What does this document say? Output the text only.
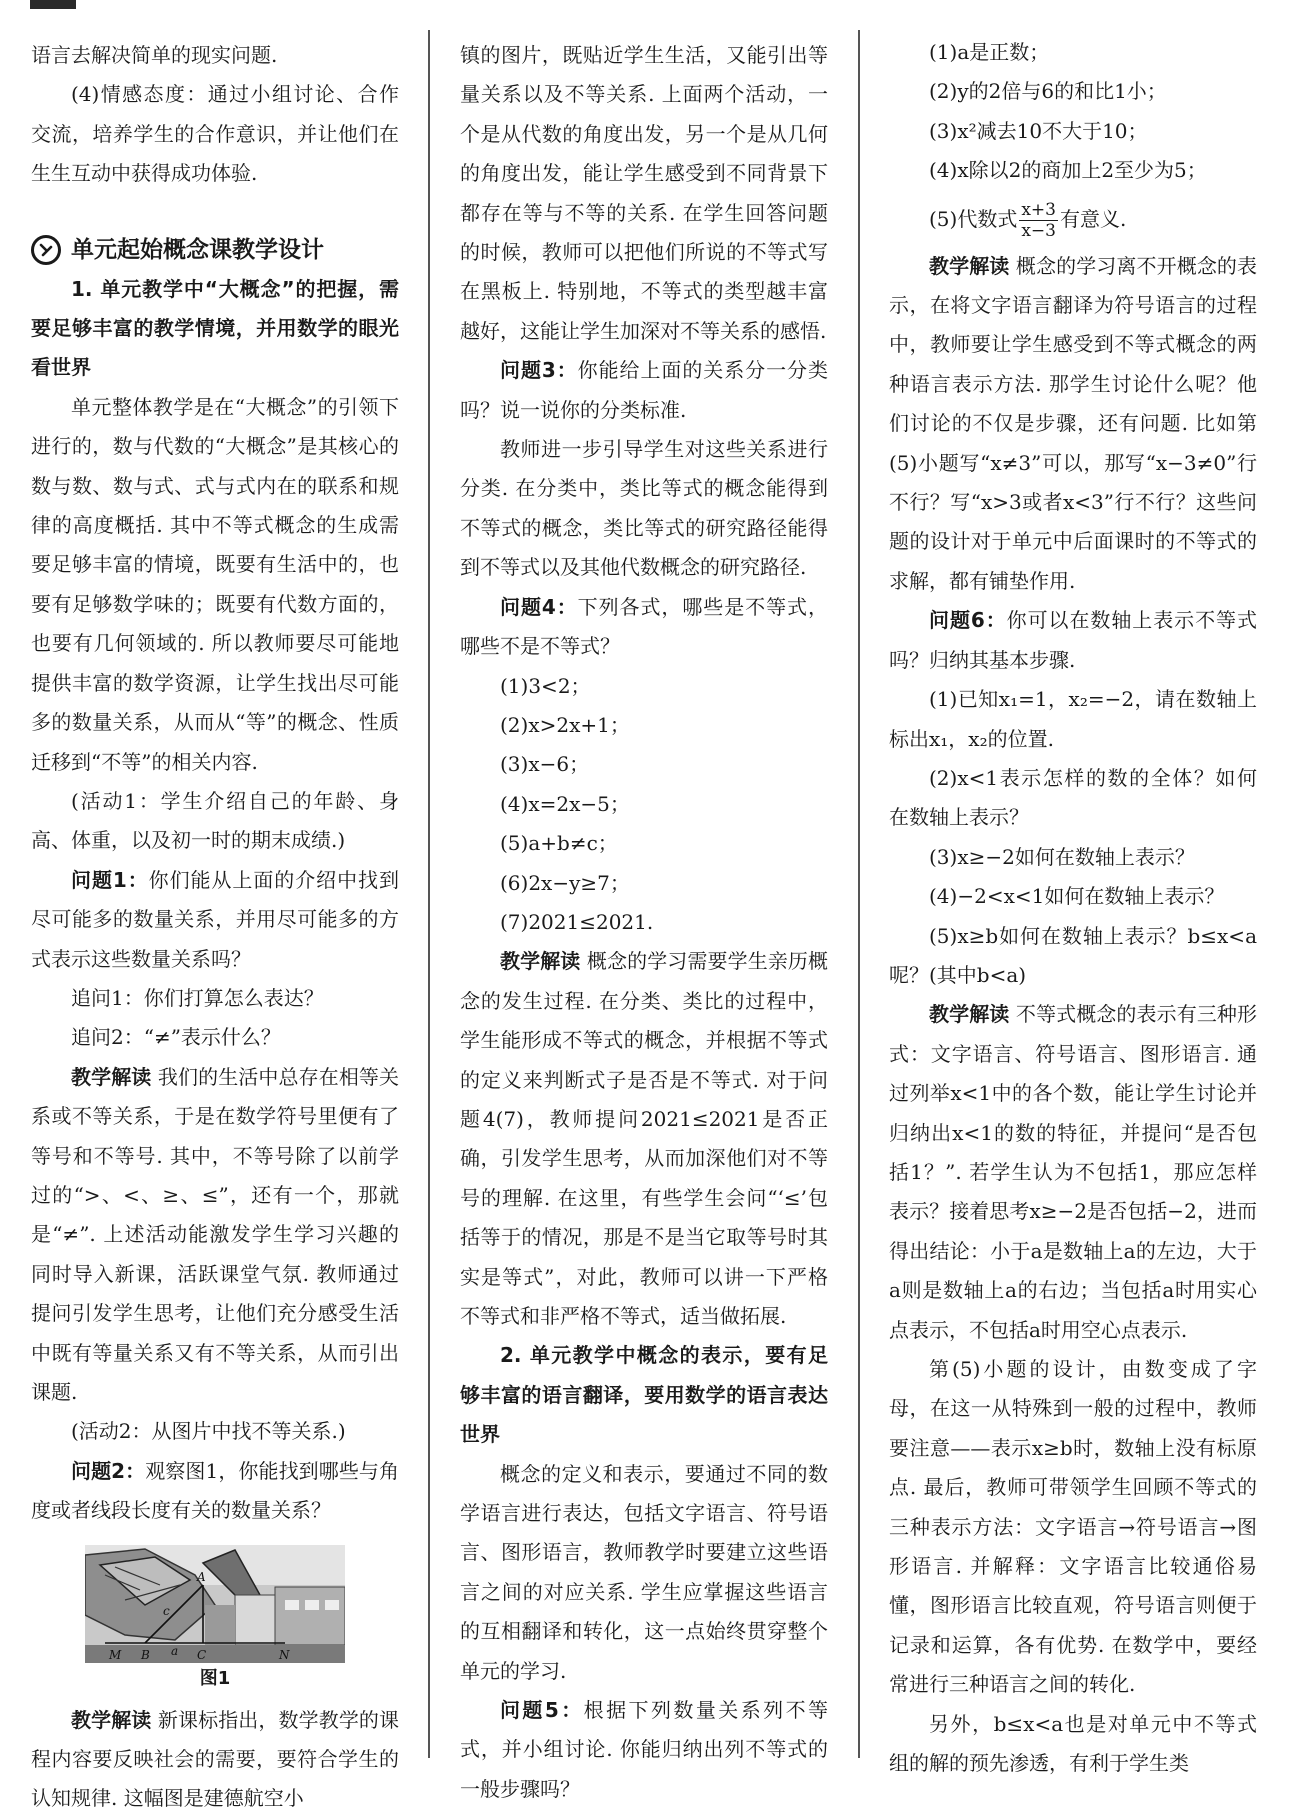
语言去解决简单的现实问题.

(4)情感态度：通过小组讨论、合作交流，培养学生的合作意识，并让他们在生生互动中获得成功体验.

单元起始概念课教学设计

1. 单元教学中“大概念”的把握，需要足够丰富的教学情境，并用数学的眼光看世界

单元整体教学是在“大概念”的引领下进行的，数与代数的“大概念”是其核心的数与数、数与式、式与式内在的联系和规律的高度概括. 其中不等式概念的生成需要足够丰富的情境，既要有生活中的，也要有足够数学味的；既要有代数方面的，也要有几何领域的. 所以教师要尽可能地提供丰富的数学资源，让学生找出尽可能多的数量关系，从而从“等”的概念、性质迁移到“不等”的相关内容.

(活动1：学生介绍自己的年龄、身高、体重，以及初一时的期末成绩.)

问题1：你们能从上面的介绍中找到尽可能多的数量关系，并用尽可能多的方式表示这些数量关系吗？

追问1：你们打算怎么表达？

追问2：“≠”表示什么？

教学解读 我们的生活中总存在相等关系或不等关系，于是在数学符号里便有了等号和不等号. 其中，不等号除了以前学过的“>、<、≥、≤”，还有一个，那就是“≠”. 上述活动能激发学生学习兴趣的同时导入新课，活跃课堂气氛. 教师通过提问引发学生思考，让他们充分感受生活中既有等量关系又有不等关系，从而引出课题.

(活动2：从图片中找不等关系.)

问题2：观察图1，你能找到哪些与角度或者线段长度有关的数量关系？

A
c
M B a C	N
图1

教学解读 新课标指出，数学教学的课程内容要反映社会的需要，要符合学生的认知规律. 这幅图是建德航空小

镇的图片，既贴近学生生活，又能引出等量关系以及不等关系. 上面两个活动，一个是从代数的角度出发，另一个是从几何的角度出发，能让学生感受到不同背景下都存在等与不等的关系. 在学生回答问题的时候，教师可以把他们所说的不等式写在黑板上. 特别地，不等式的类型越丰富越好，这能让学生加深对不等关系的感悟.

问题3：你能给上面的关系分一分类吗？说一说你的分类标准.

教师进一步引导学生对这些关系进行分类. 在分类中，类比等式的概念能得到不等式的概念，类比等式的研究路径能得到不等式以及其他代数概念的研究路径.

问题4：下列各式，哪些是不等式，哪些不是不等式？

(1)3<2；

(2)x>2x+1；

(3)x−6；

(4)x=2x−5；

(5)a+b≠c；

(6)2x−y≥7；

(7)2021≤2021.

教学解读 概念的学习需要学生亲历概念的发生过程. 在分类、类比的过程中，学生能形成不等式的概念，并根据不等式的定义来判断式子是否是不等式. 对于问题4(7)，教师提问2021≤2021是否正确，引发学生思考，从而加深他们对不等号的理解. 在这里，有些学生会问“‘≤’包括等于的情况，那是不是当它取等号时其实是等式”，对此，教师可以讲一下严格不等式和非严格不等式，适当做拓展.

2. 单元教学中概念的表示，要有足够丰富的语言翻译，要用数学的语言表达世界

概念的定义和表示，要通过不同的数学语言进行表达，包括文字语言、符号语言、图形语言，教师教学时要建立这些语言之间的对应关系. 学生应掌握这些语言的互相翻译和转化，这一点始终贯穿整个单元的学习.

问题5：根据下列数量关系列不等式，并小组讨论. 你能归纳出列不等式的一般步骤吗？

(1)a是正数；

(2)y的2倍与6的和比1小；

(3)x²减去10不大于10；

(4)x除以2的商加上2至少为5；

(5)代数式 $\frac{x+3}{x-3}$ 有意义.

教学解读 概念的学习离不开概念的表示，在将文字语言翻译为符号语言的过程中，教师要让学生感受到不等式概念的两种语言表示方法. 那学生讨论什么呢？他们讨论的不仅是步骤，还有问题. 比如第(5)小题写“x≠3”可以，那写“x−3≠0”行不行？写“x>3或者x<3”行不行？这些问题的设计对于单元中后面课时的不等式的求解，都有铺垫作用.

问题6：你可以在数轴上表示不等式吗？归纳其基本步骤.

(1)已知x₁=1，x₂=−2，请在数轴上标出x₁，x₂的位置.

(2)x<1表示怎样的数的全体？如何在数轴上表示？

(3)x≥−2如何在数轴上表示？

(4)−2<x<1如何在数轴上表示？

(5)x≥b如何在数轴上表示？b≤x<a呢？(其中b<a)

教学解读 不等式概念的表示有三种形式：文字语言、符号语言、图形语言. 通过列举x<1中的各个数，能让学生讨论并归纳出x<1的数的特征，并提问“是否包括1？”. 若学生认为不包括1，那应怎样表示？接着思考x≥−2是否包括−2，进而得出结论：小于a是数轴上a的左边，大于a则是数轴上a的右边；当包括a时用实心点表示，不包括a时用空心点表示.

第(5)小题的设计，由数变成了字母，在这一从特殊到一般的过程中，教师要注意——表示x≥b时，数轴上没有标原点. 最后，教师可带领学生回顾不等式的三种表示方法：文字语言→符号语言→图形语言. 并解释：文字语言比较通俗易懂，图形语言比较直观，符号语言则便于记录和运算，各有优势. 在数学中，要经常进行三种语言之间的转化.

另外，b≤x<a也是对单元中不等式组的解的预先渗透，有利于学生类
